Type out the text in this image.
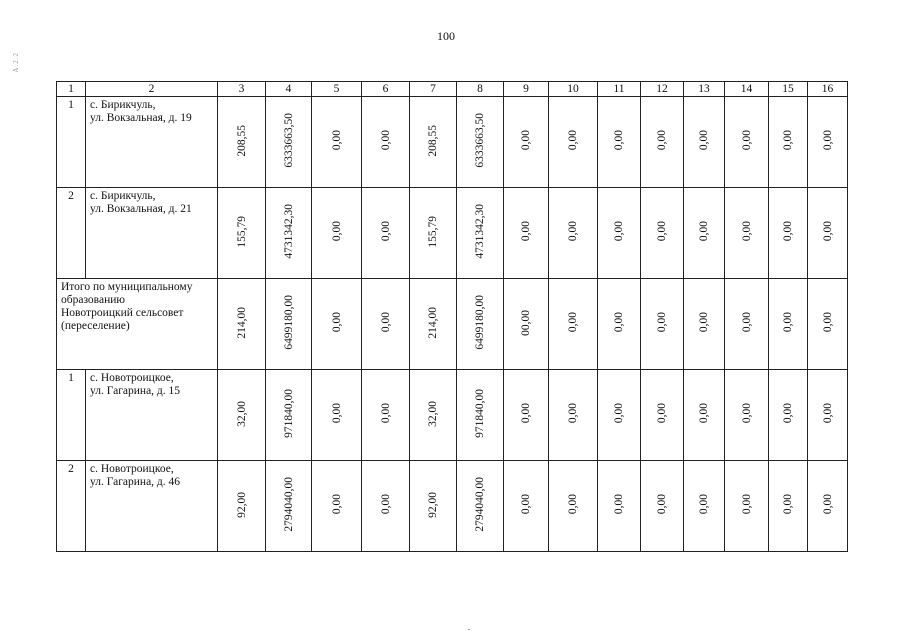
100
А.2.2
1	2	3	4	5	6	7	8	9	10	11	12	13	14	15	16
1	с. Бирикчуль,
ул. Вокзальная, д. 19	208,55	6333663,50	0,00	0,00	208,55	6333663,50	0,00	0,00	0,00	0,00	0,00	0,00	0,00	0,00
2	с. Бирикчуль,
ул. Вокзальная, д. 21	155,79	4731342,30	0,00	0,00	155,79	4731342,30	0,00	0,00	0,00	0,00	0,00	0,00	0,00	0,00

Итого по муниципальному
образованию
Новотроицкий сельсовет
(переселение)		214,00	6499180,00	0,00	0,00	214,00	6499180,00	00,00	0,00	0,00	0,00	0,00	0,00	0,00	0,00
1	с. Новотроицкое,
ул. Гагарина, д. 15	32,00	971840,00	0,00	0,00	32,00	971840,00	0,00	0,00	0,00	0,00	0,00	0,00	0,00	0,00
2	с. Новотроицкое,
ул. Гагарина, д. 46	92,00	2794040,00	0,00	0,00	92,00	2794040,00	0,00	0,00	0,00	0,00	0,00	0,00	0,00	0,00
